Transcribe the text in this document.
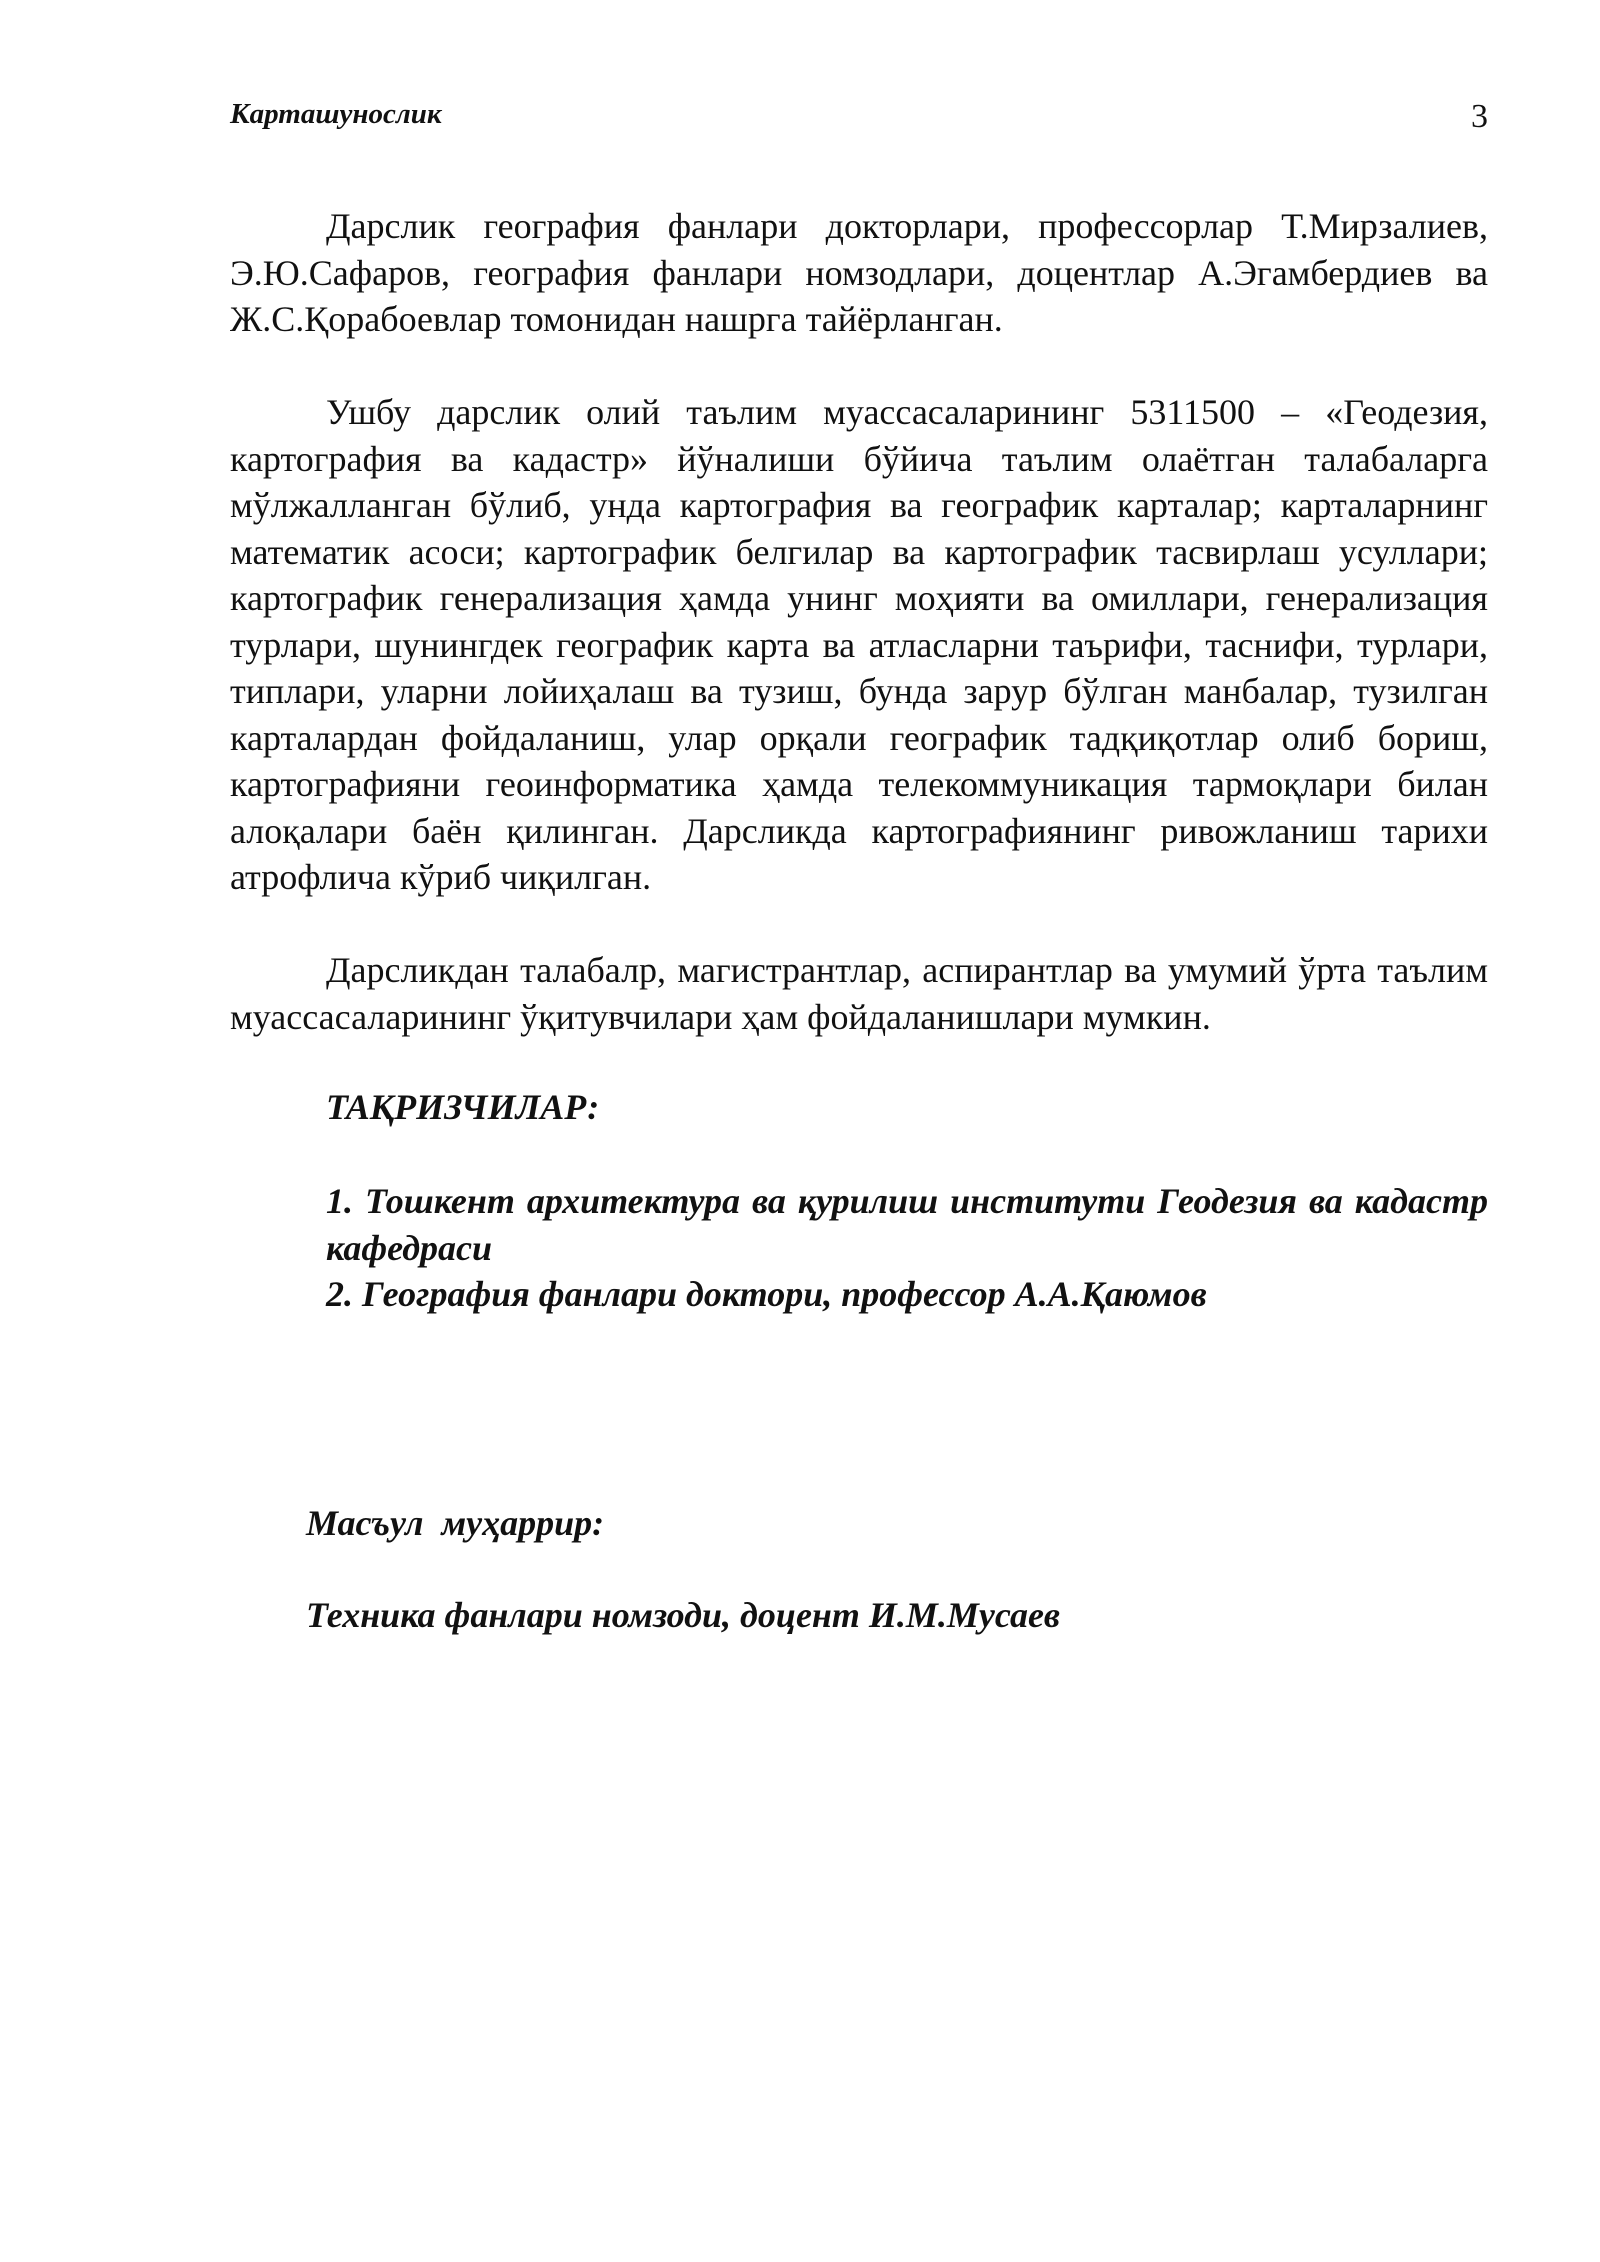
Карташунослик	3

Дарслик география фанлари докторлари, профессорлар Т.Мирзалиев, Э.Ю.Сафаров, география фанлари номзодлари, доцентлар А.Эгамбердиев ва Ж.С.Қорабоевлар томонидан нашрга тайёрланган.

Ушбу дарслик олий таълим муассасаларининг 5311500 – «Геодезия, картография ва кадастр» йўналиши бўйича таълим олаётган талабаларга мўлжалланган бўлиб, унда картография ва географик карталар; карталарнинг математик асоси; картографик белгилар ва картографик тасвирлаш усуллари; картографик генерализация ҳамда унинг моҳияти ва омиллари, генерализация турлари, шунингдек географик карта ва атласларни таърифи, таснифи, турлари, типлари, уларни лойиҳалаш ва тузиш, бунда зарур бўлган манбалар, тузилган карталардан фойдаланиш, улар орқали географик тадқиқотлар олиб бориш, картографияни геоинформатика ҳамда телекоммуникация тармоқлари билан алоқалари баён қилинган. Дарсликда картографиянинг ривожланиш тарихи атрофлича кўриб чиқилган.

Дарсликдан талабалр, магистрантлар, аспирантлар ва умумий ўрта таълим муассасаларининг ўқитувчилари ҳам фойдаланишлари мумкин.

ТАҚРИЗЧИЛАР:
1. Тошкент архитектура ва қурилиш институти Геодезия ва кадастр кафедраси
2. География фанлари доктори, профессор А.А.Қаюмов
Масъул  муҳаррир:
Техника фанлари номзоди, доцент И.М.Мусаев
